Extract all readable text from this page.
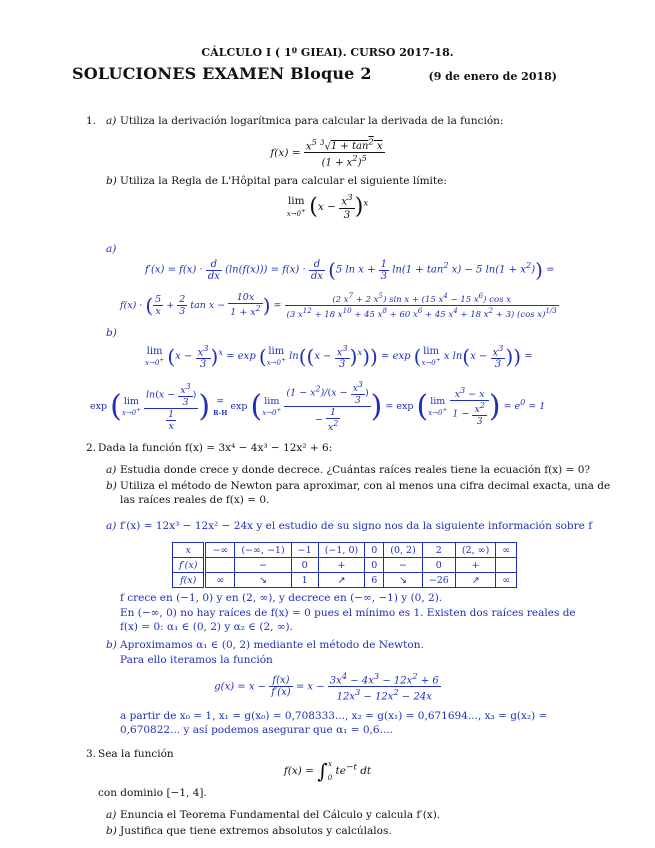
CÁLCULO I ( 1º GIEAI). CURSO 2017-18.
SOLUCIONES EXAMEN Bloque 2	(9 de enero de 2018)
1. a) Utiliza la derivación logarítmica para calcular la derivada de la función:
$f(x) = \frac{x^5 ^3√1 + \tan^2 x}{(1 + x^2)^5}$
b) Utiliza la Regla de L'Hôpital para calcular el siguiente límite:
lim
x→0+ $(x - \frac{x^3}{3} )^x$
a)
$f'(x) = f(x) \cdot \frac{d}{dx} (\ln(f(x))) = f(x) \cdot \frac{d}{dx} (5$ $\ln x + \frac{1}{3} \ln(1 + \tan^2 x) - 5$ $\ln(1 + x^2)$) =
f(x) · ( $\frac{5}{x} + \frac{2}{3}$ $\tan x - \frac{10x}{1 + x^2}$ ) =	(2 $x^7 + 2$ $x^5$) sin x + (15 $x^4 - 15$ $x^6$) cos x
(3 $x^{12} + 18$ $x^{10} + 45$ $x^8 + 60$ $x^6 + 45$ $x^4 + 18$ $x^2 + 3$) (cos x)$^{1/3}$
b)
lim
x→0+ $(x - \frac{x^3}{3} )^x = \exp$ ( lim
x→0+ $\ln((x - \frac{x^3}{3} )^x)) = \exp$ ( lim
x→0+ x $\ln(x - \frac{x^3}{3}$ )) =
exp ( lim
$x\to 0^+ \frac{\ln(x - \frac{x^3}{3} )}{\frac{1}{x}}$ ) =
R-H exp ( lim
$x\to 0^+ \frac{(1 - x^2)/(x - \frac{x^3}{3} )}{- \frac{1}{x^2}}$ ) = exp ( lim
$x\to 0^+ \frac{x^3 - x}{1 - \frac{x^2}{3}}$ ) = $e^0 = 1$
2. Dada la función f(x) = 3x⁴ − 4x³ − 12x² + 6:
a) Estudia donde crece y donde decrece. ¿Cuántas raíces reales tiene la ecuación f(x) = 0?
b) Utiliza el método de Newton para aproximar, con al menos una cifra decimal exacta, una de
las raíces reales de f(x) = 0.
a) f′(x) = 12x³ − 12x² − 24x y el estudio de su signo nos da la siguiente información sobre f
x	−∞	(−∞, −1)	−1	(−1, 0)	0	(0, 2)	2	(2, ∞)	∞
f′(x)		−	0	+	0	−	0	+	
f(x)	∞	↘	1	↗	6	↘	−26	↗	∞
f crece en (−1, 0) y en (2, ∞), y decrece en (−∞, −1) y (0, 2).
En (−∞, 0) no hay raíces de f(x) = 0 pues el mínimo es 1. Existen dos raíces reales de
f(x) = 0: α₁ ∈ (0, 2) y α₂ ∈ (2, ∞).
b) Aproximamos α₁ ∈ (0, 2) mediante el método de Newton.
Para ello iteramos la función
$g(x) = x - \frac{f(x)}{f'(x)} = x - \frac{3x^4 - 4x^3 - 12x^2 + 6}{12x^3 - 12x^2 - 24x}$
a partir de x₀ = 1, x₁ = g(x₀) = 0,708333..., x₂ = g(x₁) = 0,671694..., x₃ = g(x₂) =
0,670822... y así podemos asegurar que α₁ = 0,6....
3. Sea la función
f(x) = ∫x
0 $te^{-t}$ dt
con dominio [−1, 4].
a) Enuncia el Teorema Fundamental del Cálculo y calcula f′(x).
b) Justifica que tiene extremos absolutos y calcúlalos.
